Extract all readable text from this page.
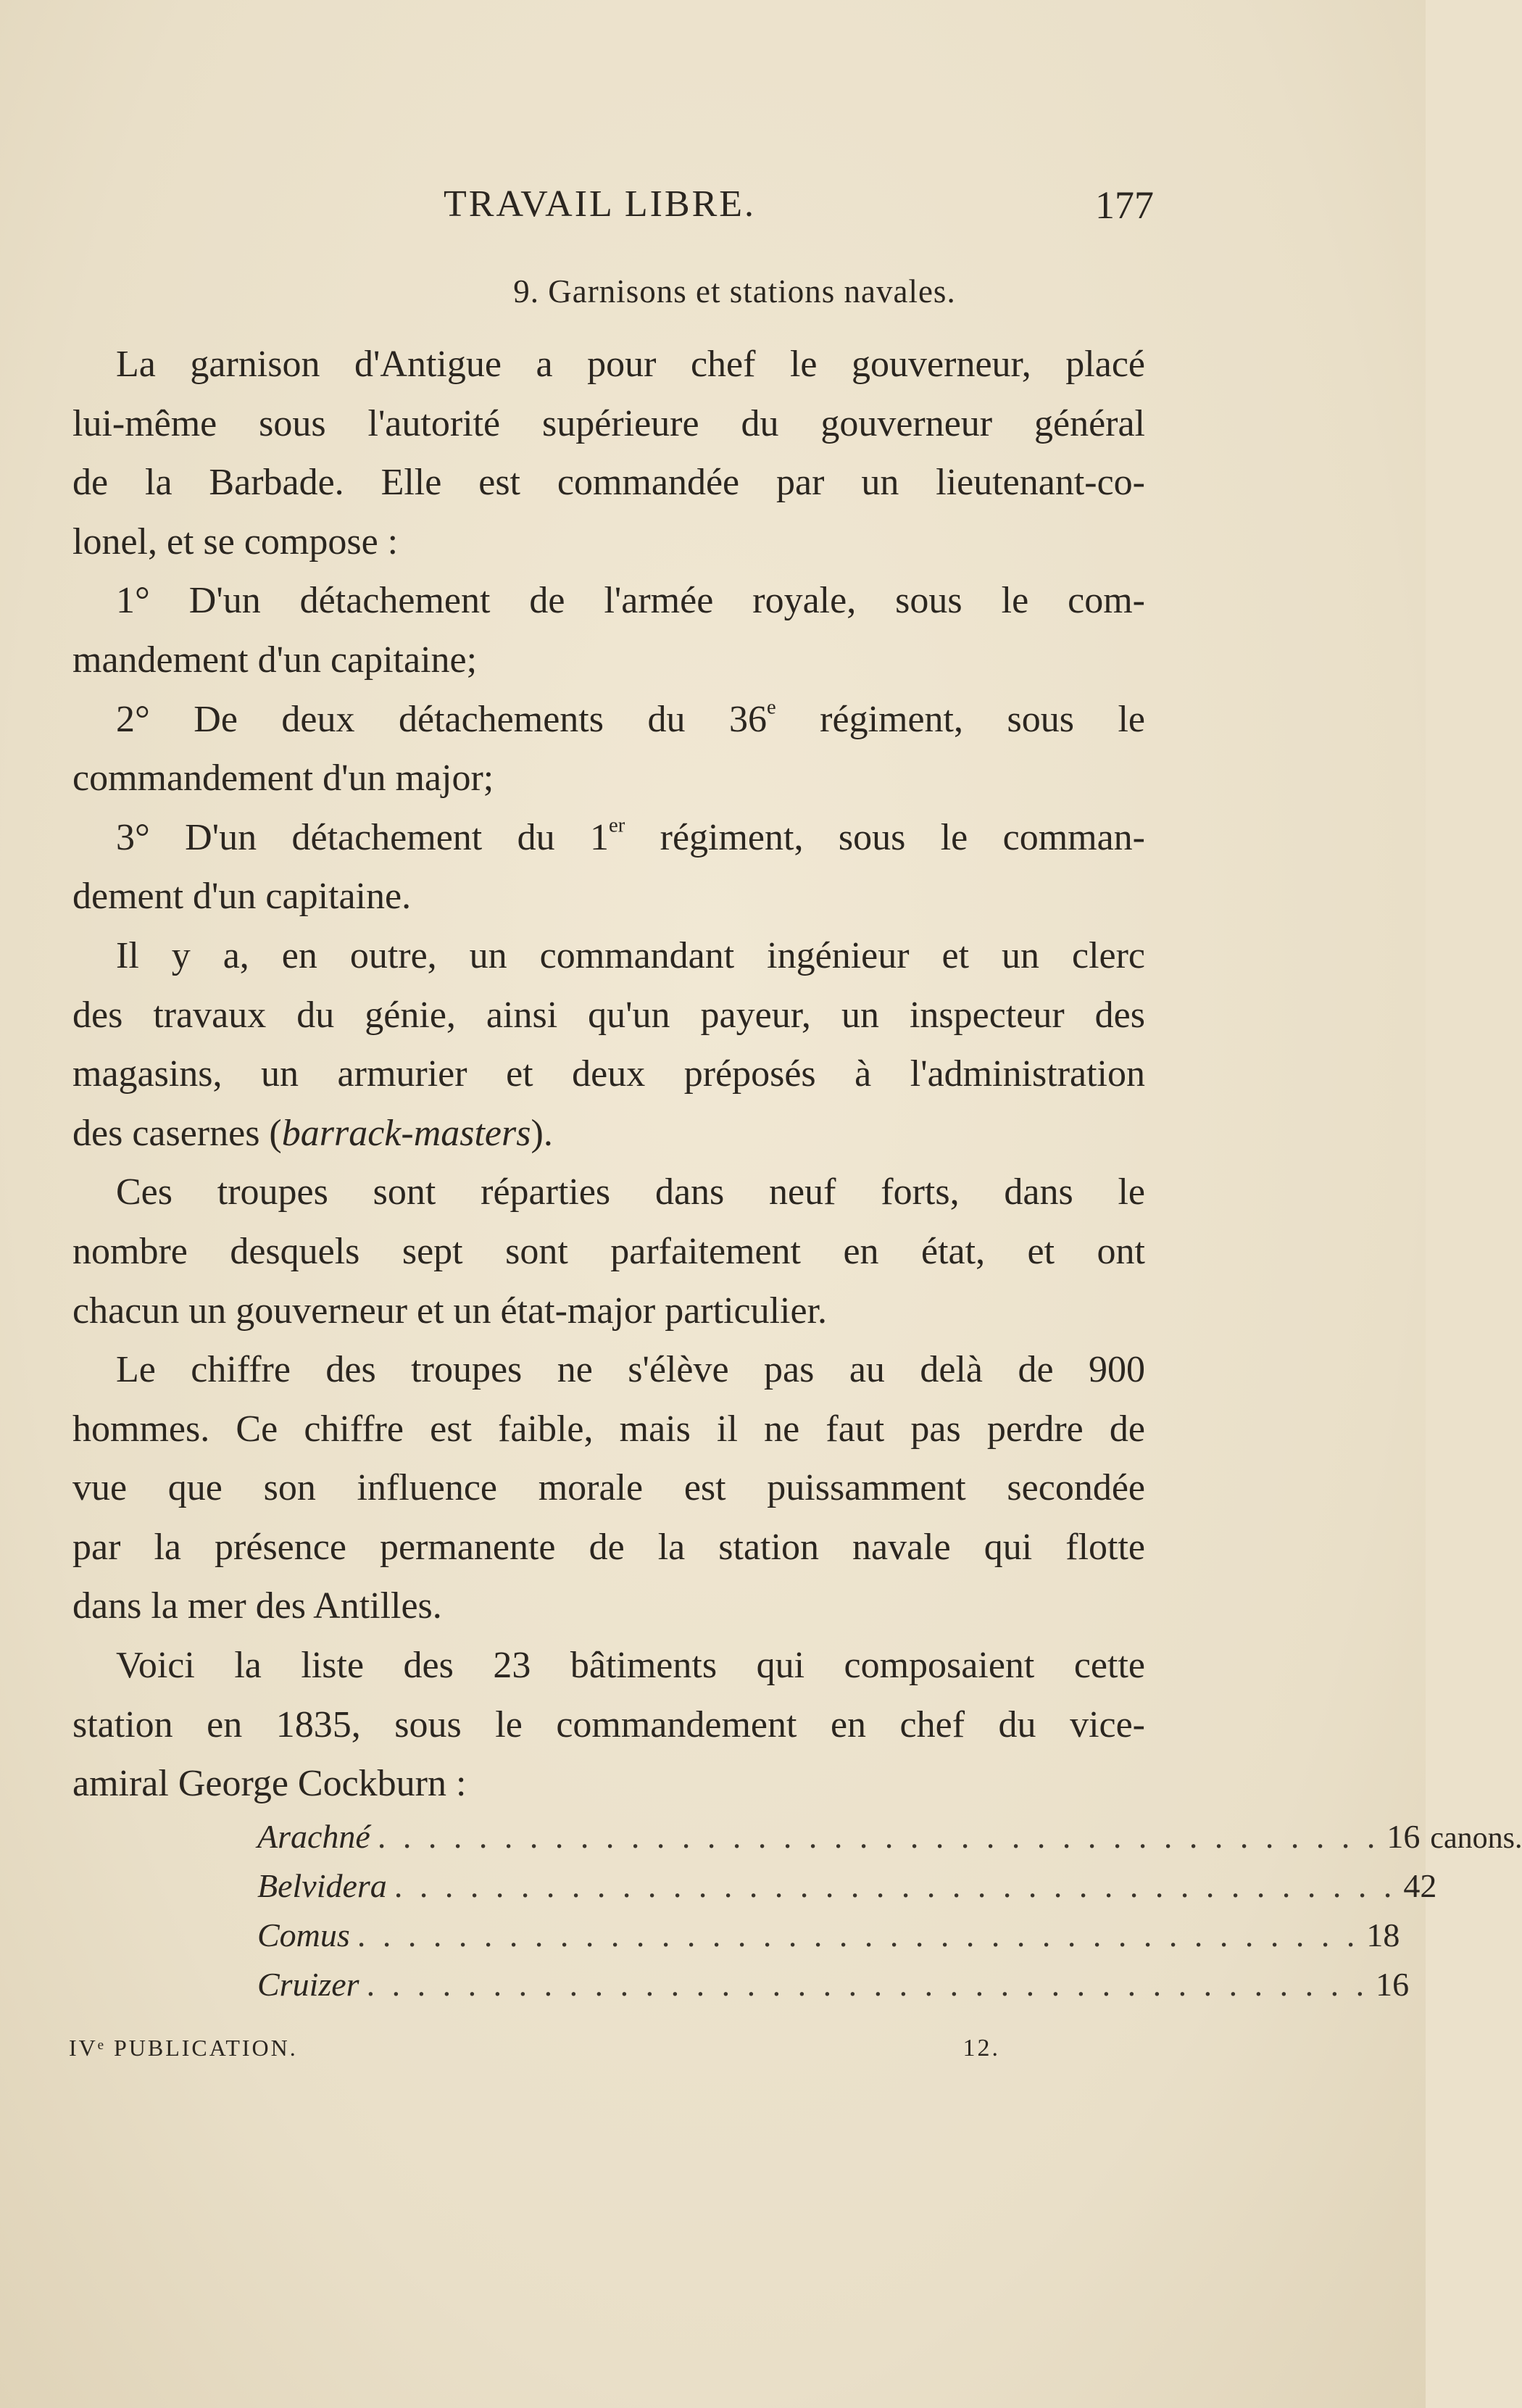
TRAVAIL LIBRE.	177
9. Garnisons et stations navales.
La garnison d'Antigue a pour chef le gouverneur, placé
lui-même sous l'autorité supérieure du gouverneur général
de la Barbade. Elle est commandée par un lieutenant-co-
lonel, et se compose :
1° D'un détachement de l'armée royale, sous le com-
mandement d'un capitaine;
2° De deux détachements du 36e régiment, sous le
commandement d'un major;
3° D'un détachement du 1er régiment, sous le comman-
dement d'un capitaine.
Il y a, en outre, un commandant ingénieur et un clerc
des travaux du génie, ainsi qu'un payeur, un inspecteur des
magasins, un armurier et deux préposés à l'administration
des casernes (barrack-masters).
Ces troupes sont réparties dans neuf forts, dans le
nombre desquels sept sont parfaitement en état, et ont
chacun un gouverneur et un état-major particulier.
Le chiffre des troupes ne s'élève pas au delà de 900
hommes. Ce chiffre est faible, mais il ne faut pas perdre de
vue que son influence morale est puissamment secondée
par la présence permanente de la station navale qui flotte
dans la mer des Antilles.
Voici la liste des 23 bâtiments qui composaient cette
station en 1835, sous le commandement en chef du vice-
amiral George Cockburn :
Arachné . . . . . . . . . . . . . . . . . . . . . . . . . . . . . . . . . . . . . . . . 16 canons.
Belvidera . . . . . . . . . . . . . . . . . . . . . . . . . . . . . . . . . . . . . . . . 42
Comus . . . . . . . . . . . . . . . . . . . . . . . . . . . . . . . . . . . . . . . . 18
Cruizer . . . . . . . . . . . . . . . . . . . . . . . . . . . . . . . . . . . . . . . . 16
IVᵉ PUBLICATION.	12.
